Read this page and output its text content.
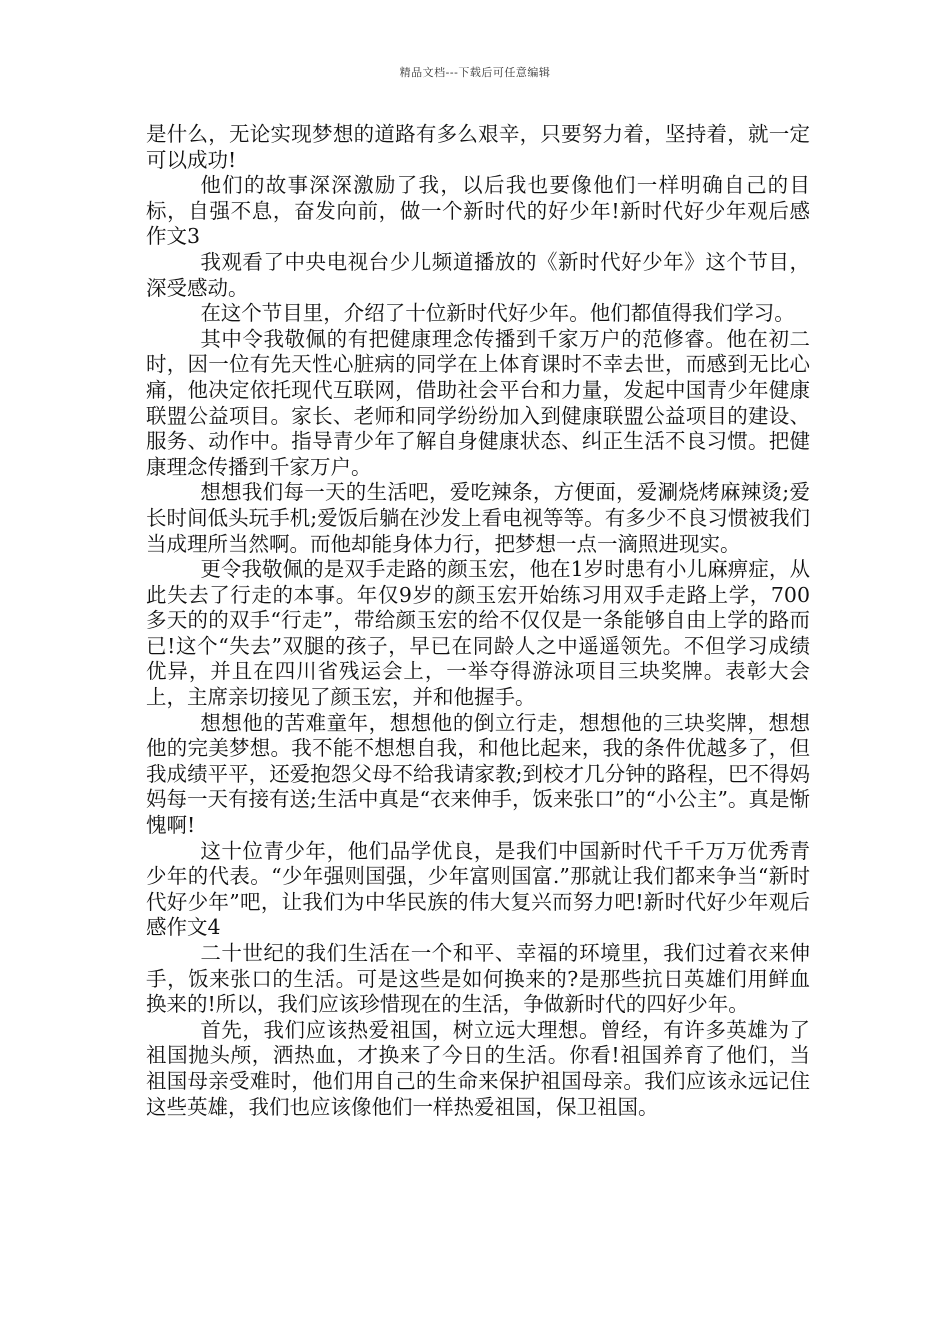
精品文档---下载后可任意编辑

是什么，无论实现梦想的道路有多么艰辛，只要努力着，坚持着，就一定可以成功!

他们的故事深深激励了我，以后我也要像他们一样明确自己的目标，自强不息，奋发向前，做一个新时代的好少年!新时代好少年观后感作文3

我观看了中央电视台少儿频道播放的《新时代好少年》这个节目，深受感动。

在这个节目里，介绍了十位新时代好少年。他们都值得我们学习。

其中令我敬佩的有把健康理念传播到千家万户的范修睿。他在初二时，因一位有先天性心脏病的同学在上体育课时不幸去世，而感到无比心痛，他决定依托现代互联网，借助社会平台和力量，发起中国青少年健康联盟公益项目。家长、老师和同学纷纷加入到健康联盟公益项目的建设、服务、动作中。指导青少年了解自身健康状态、纠正生活不良习惯。把健康理念传播到千家万户。

想想我们每一天的生活吧，爱吃辣条，方便面，爱涮烧烤麻辣烫;爱长时间低头玩手机;爱饭后躺在沙发上看电视等等。有多少不良习惯被我们当成理所当然啊。而他却能身体力行，把梦想一点一滴照进现实。

更令我敬佩的是双手走路的颜玉宏，他在1岁时患有小儿麻痹症，从此失去了行走的本事。年仅9岁的颜玉宏开始练习用双手走路上学，700多天的的双手“行走”，带给颜玉宏的给不仅仅是一条能够自由上学的路而已!这个“失去”双腿的孩子，早已在同龄人之中遥遥领先。不但学习成绩优异，并且在四川省残运会上，一举夺得游泳项目三块奖牌。表彰大会上，主席亲切接见了颜玉宏，并和他握手。

想想他的苦难童年，想想他的倒立行走，想想他的三块奖牌，想想他的完美梦想。我不能不想想自我，和他比起来，我的条件优越多了，但我成绩平平，还爱抱怨父母不给我请家教;到校才几分钟的路程，巴不得妈妈每一天有接有送;生活中真是“衣来伸手，饭来张口”的“小公主”。真是惭愧啊!

这十位青少年，他们品学优良，是我们中国新时代千千万万优秀青少年的代表。“少年强则国强，少年富则国富.”那就让我们都来争当“新时代好少年”吧，让我们为中华民族的伟大复兴而努力吧!新时代好少年观后感作文4

二十世纪的我们生活在一个和平、幸福的环境里，我们过着衣来伸手，饭来张口的生活。可是这些是如何换来的?是那些抗日英雄们用鲜血换来的!所以，我们应该珍惜现在的生活，争做新时代的四好少年。

首先，我们应该热爱祖国，树立远大理想。曾经，有许多英雄为了祖国抛头颅，洒热血，才换来了今日的生活。你看!祖国养育了他们，当祖国母亲受难时，他们用自己的生命来保护祖国母亲。我们应该永远记住这些英雄，我们也应该像他们一样热爱祖国，保卫祖国。
